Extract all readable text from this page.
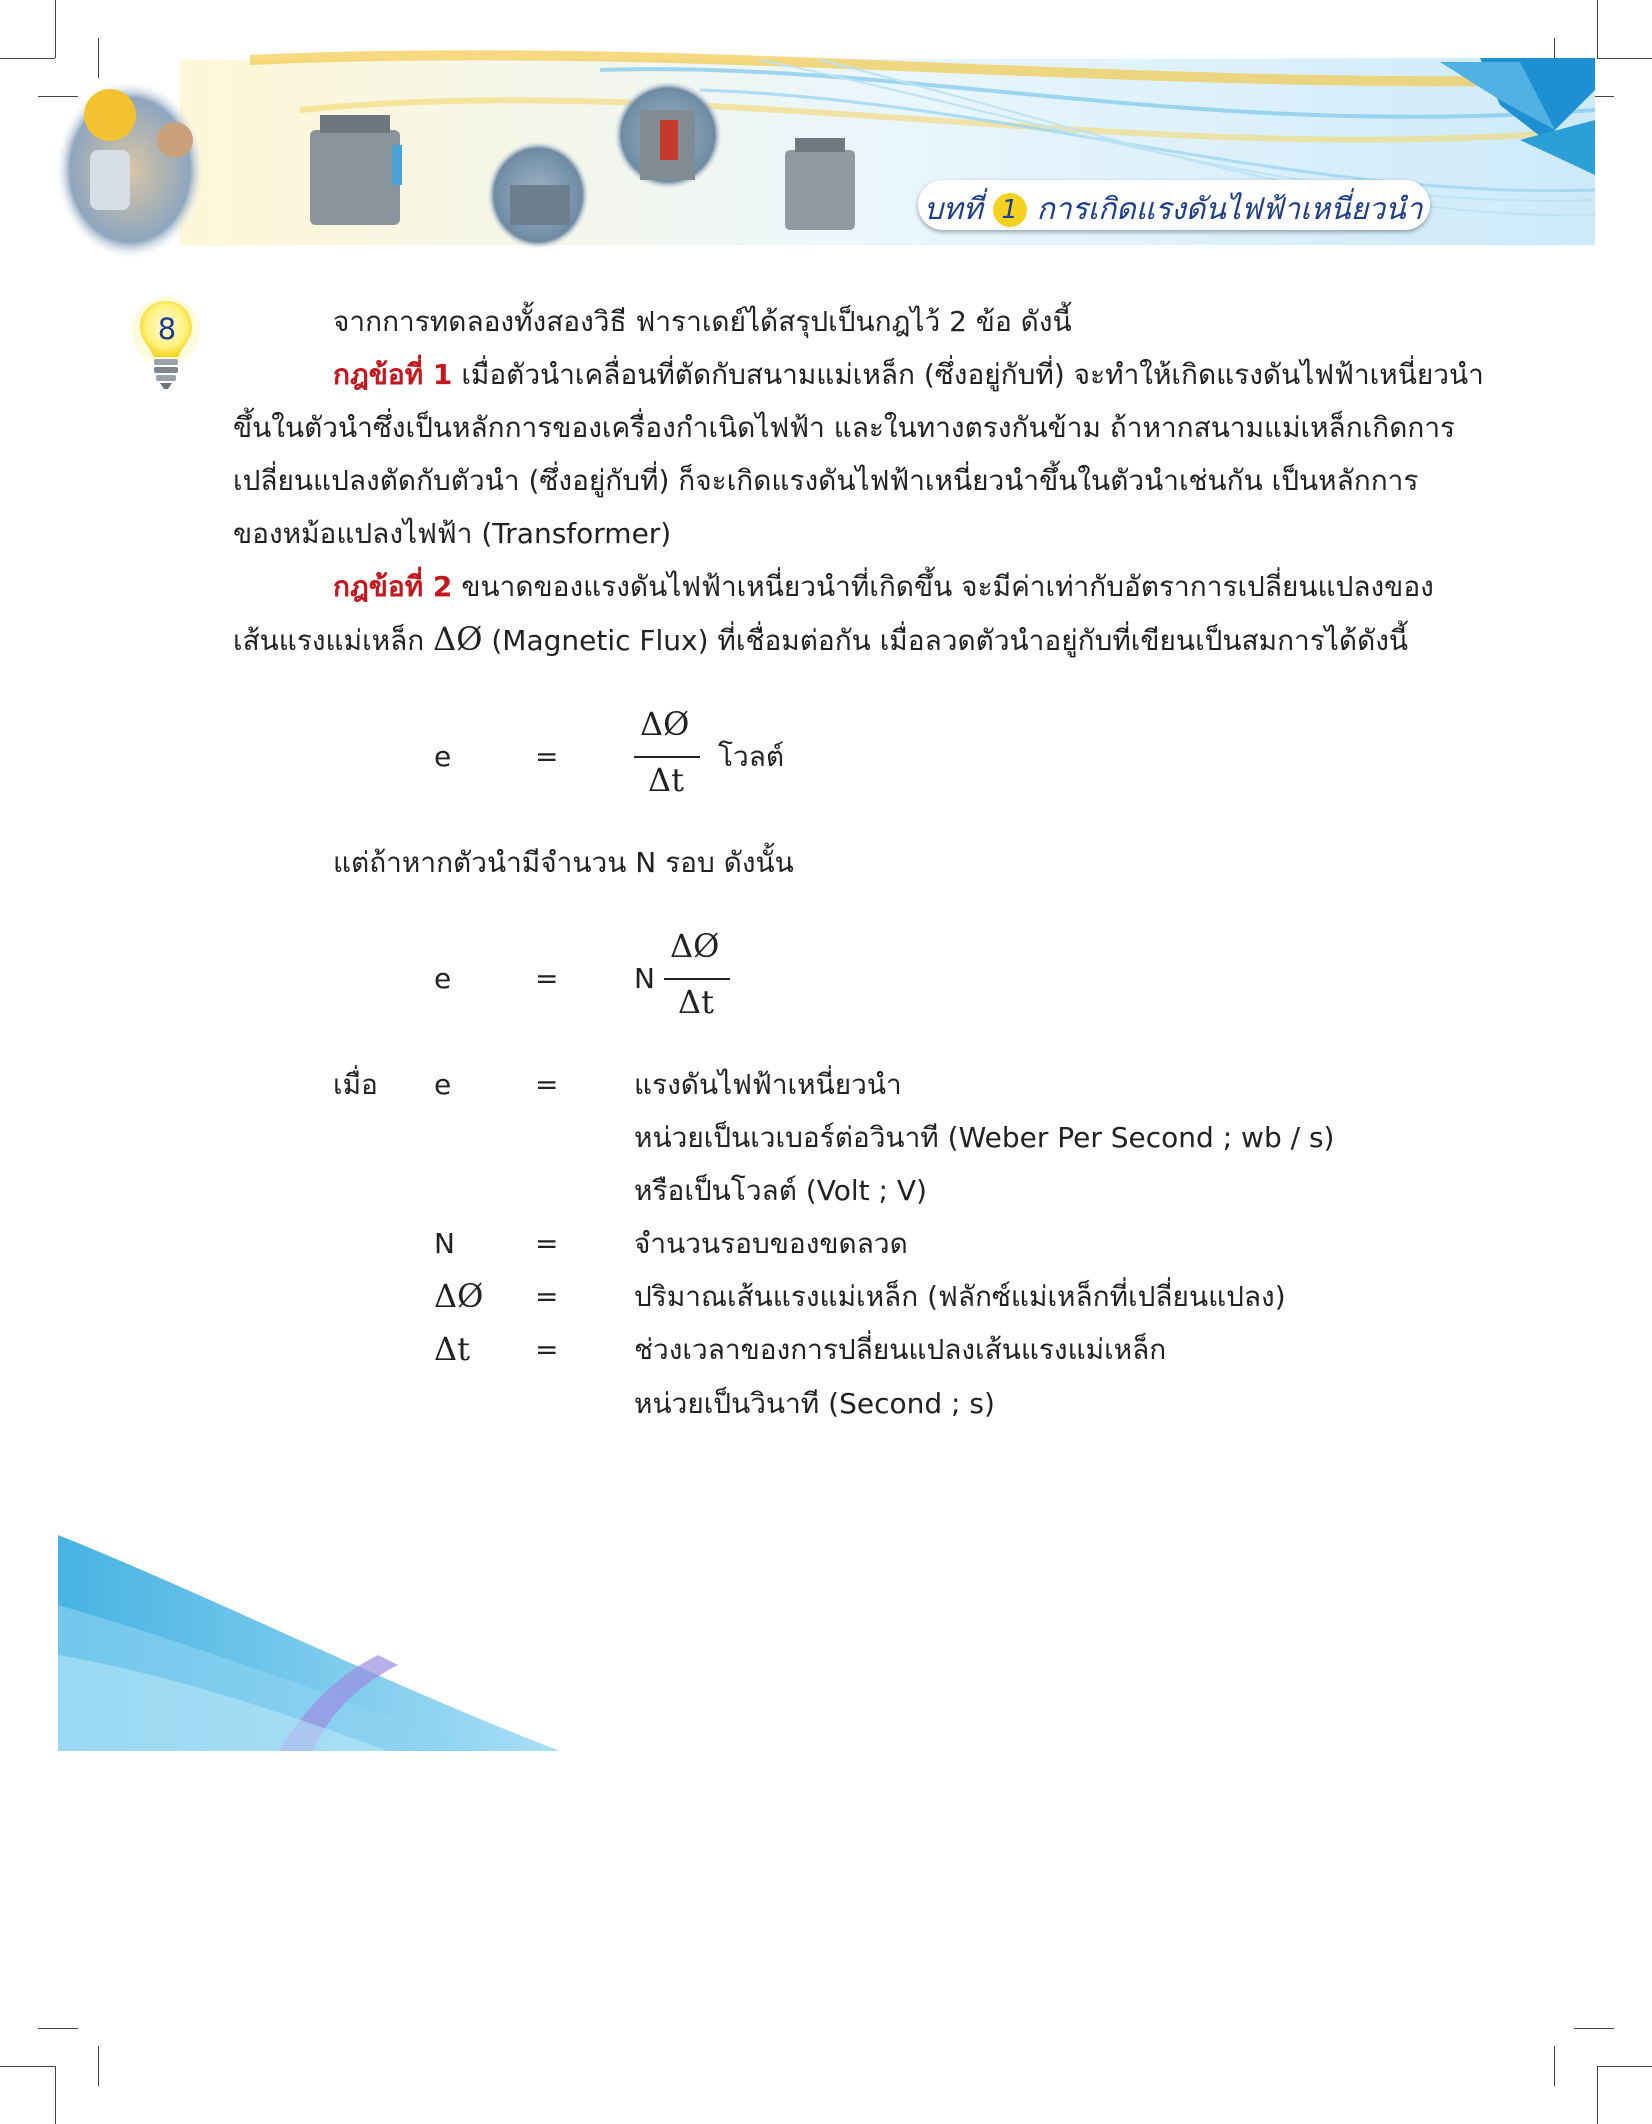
บทที่ 1 การเกิดแรงดันไฟฟ้าเหนี่ยวนำ
8	จากการทดลองทั้งสองวิธี ฟาราเดย์ได้สรุปเป็นกฎไว้ 2 ข้อ ดังนี้
กฎข้อที่ 1 เมื่อตัวนำเคลื่อนที่ตัดกับสนามแม่เหล็ก (ซึ่งอยู่กับที่) จะทำให้เกิดแรงดันไฟฟ้าเหนี่ยวนำ
ขึ้นในตัวนำซึ่งเป็นหลักการของเครื่องกำเนิดไฟฟ้า และในทางตรงกันข้าม ถ้าหากสนามแม่เหล็กเกิดการ
เปลี่ยนแปลงตัดกับตัวนำ (ซึ่งอยู่กับที่) ก็จะเกิดแรงดันไฟฟ้าเหนี่ยวนำขึ้นในตัวนำเช่นกัน เป็นหลักการ
ของหม้อแปลงไฟฟ้า (Transformer)
กฎข้อที่ 2 ขนาดของแรงดันไฟฟ้าเหนี่ยวนำที่เกิดขึ้น จะมีค่าเท่ากับอัตราการเปลี่ยนแปลงของ
เส้นแรงแม่เหล็ก ΔØ (Magnetic Flux) ที่เชื่อมต่อกัน เมื่อลวดตัวนำอยู่กับที่เขียนเป็นสมการได้ดังนี้
e	=
ΔØ
Δt
โวลต์
แต่ถ้าหากตัวนำมีจำนวน N รอบ ดังนั้น
e	=	N
ΔØ
Δt
เมื่อ e	=	แรงดันไฟฟ้าเหนี่ยวนำ
หน่วยเป็นเวเบอร์ต่อวินาที (Weber Per Second ; wb / s)
หรือเป็นโวลต์ (Volt ; V)
N	=	จำนวนรอบของขดลวด
ΔØ =	ปริมาณเส้นแรงแม่เหล็ก (ฟลักซ์แม่เหล็กที่เปลี่ยนแปลง)
Δt =	ช่วงเวลาของการปลี่ยนแปลงเส้นแรงแม่เหล็ก
หน่วยเป็นวินาที (Second ; s)
